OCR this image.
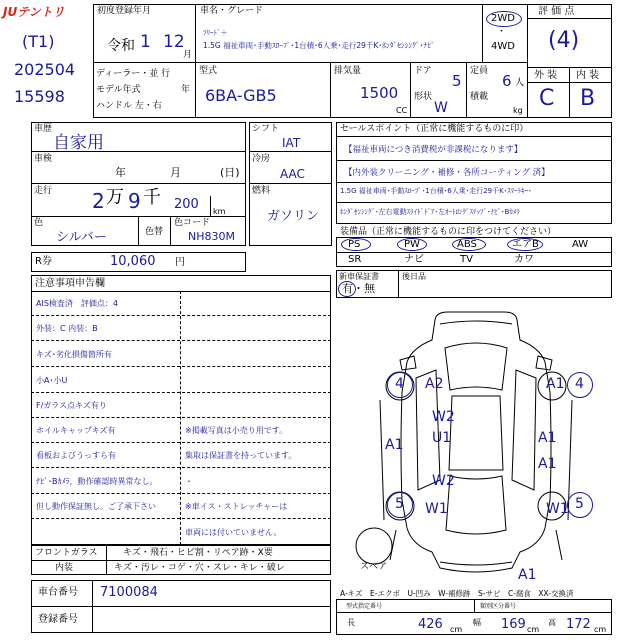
JUテントリ
(T1)
202504
15598
初度登録年月
令和 1 12
月
車名・グレード
ﾌﾘｰﾄﾞ＋
1.5G 福祉車両･手動ｽﾛｰﾌﾟ･1台積･6人乗･走行29千K･ﾎﾝﾀﾞｾﾝｼﾝｸﾞ･ﾅﾋﾞ
2WD
・
4WD
評 価 点
(4)
外 装 内 装
C B
ディーラー・並 行
モデル年式	年
ハンドル 左・右
型式
6BA-GB5
排気量
1500
CC
ドア
5
形状
W
定員
6 人
積載
kg
車歴
自家用
車検
年	月	(日)
走行 2 万 9 千 200 km
色
シルバー	色替
色コード
NH830M
R券	10,060 円
シフト
IAT
冷房
AAC
燃料
ガソリン
セールスポイント（正常に機能するものに印）
【福祉車両につき消費税が非課税になります】
【内外装クリーニング・補修・各所コーティング 済】
1.5G 福祉車両･手動ｽﾛｰﾌﾟ･1台積･6人乗･走行29千K･ｽﾏｰﾄｷｰ･
ﾎﾝﾀﾞｾﾝｼﾝｸﾞ･左右電動ｽﾗｲﾄﾞﾄﾞｱ･左ｵｰﾄﾛﾝｸﾞｽﾃｯﾌﾟ･ﾅﾋﾞ･Bｶﾒﾗ
装備品（正常に機能するものに印をつけてください）
PS	PW	ABS	エアB	AW
SR	ナビ	TV	カワ
新車保証書
有・無
後日品
注意事項申告欄
AIS検査済　評価点：4
外装：C 内装：B
キズ･劣化損傷箇所有
小A･小U
F/ガラス点キズ有り
ホイルキャップキズ有
看板およびうっすら有
ﾅﾋﾞ･Bｶﾒﾗ，動作確認時異常なし。
但し動作保証無し。ご了承下さい
※掲載写真は小売り用です。
集取は保証書を持っています。
・
※車イス・ストレッチャーは
車両には付いていません。
フロントガラス	キズ・飛石・ヒビ割・リペア跡・X要
内装	キズ・汚レ・コゲ・穴・スレ・キレ・破レ
車台番号 7100084
登録番号
4 A2	A1 4
W2
U1
A1	A1
A1
W2
5 W1	5
W1
A1
スペア
A-キズ　E-エクボ　U-凹み　W-補修跡　S-サビ　C-腐食　XX-交換済
型式指定番号	類別区分番号
長	426 cm
幅 169 cm
高 172 cm
